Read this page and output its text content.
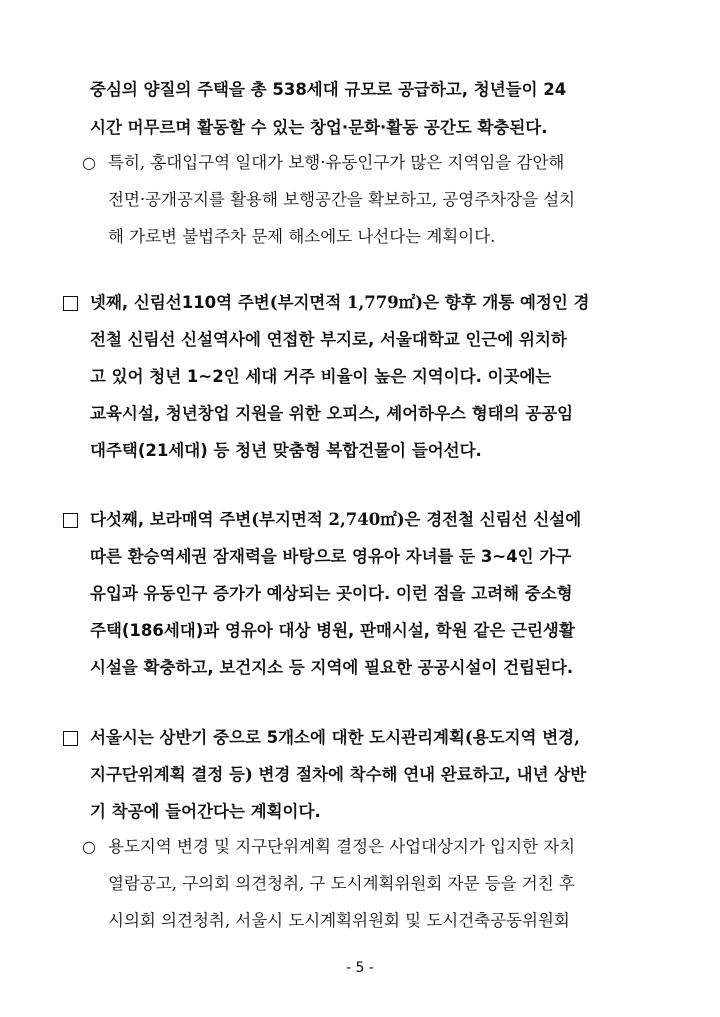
중심의 양질의 주택을 총 538세대 규모로 공급하고, 청년들이 24
시간 머무르며 활동할 수 있는 창업·문화·활동 공간도 확충된다.
○ 특히, 홍대입구역 일대가 보행·유동인구가 많은 지역임을 감안해
전면·공개공지를 활용해 보행공간을 확보하고, 공영주차장을 설치
해 가로변 불법주차 문제 해소에도 나선다는 계획이다.
넷째, 신림선110역 주변(부지면적 1,779㎡)은 향후 개통 예정인 경
전철 신림선 신설역사에 연접한 부지로, 서울대학교 인근에 위치하
고 있어 청년 1~2인 세대 거주 비율이 높은 지역이다. 이곳에는
교육시설, 청년창업 지원을 위한 오피스, 셰어하우스 형태의 공공임
대주택(21세대) 등 청년 맞춤형 복합건물이 들어선다.
다섯째, 보라매역 주변(부지면적 2,740㎡)은 경전철 신림선 신설에
따른 환승역세권 잠재력을 바탕으로 영유아 자녀를 둔 3~4인 가구
유입과 유동인구 증가가 예상되는 곳이다. 이런 점을 고려해 중소형
주택(186세대)과 영유아 대상 병원, 판매시설, 학원 같은 근린생활
시설을 확충하고, 보건지소 등 지역에 필요한 공공시설이 건립된다.
서울시는 상반기 중으로 5개소에 대한 도시관리계획(용도지역 변경,
지구단위계획 결정 등) 변경 절차에 착수해 연내 완료하고, 내년 상반
기 착공에 들어간다는 계획이다.
○ 용도지역 변경 및 지구단위계획 결정은 사업대상지가 입지한 자치
열람공고, 구의회 의견청취, 구 도시계획위원회 자문 등을 거친 후
시의회 의견청취, 서울시 도시계획위원회 및 도시건축공동위원회
- 5 -
